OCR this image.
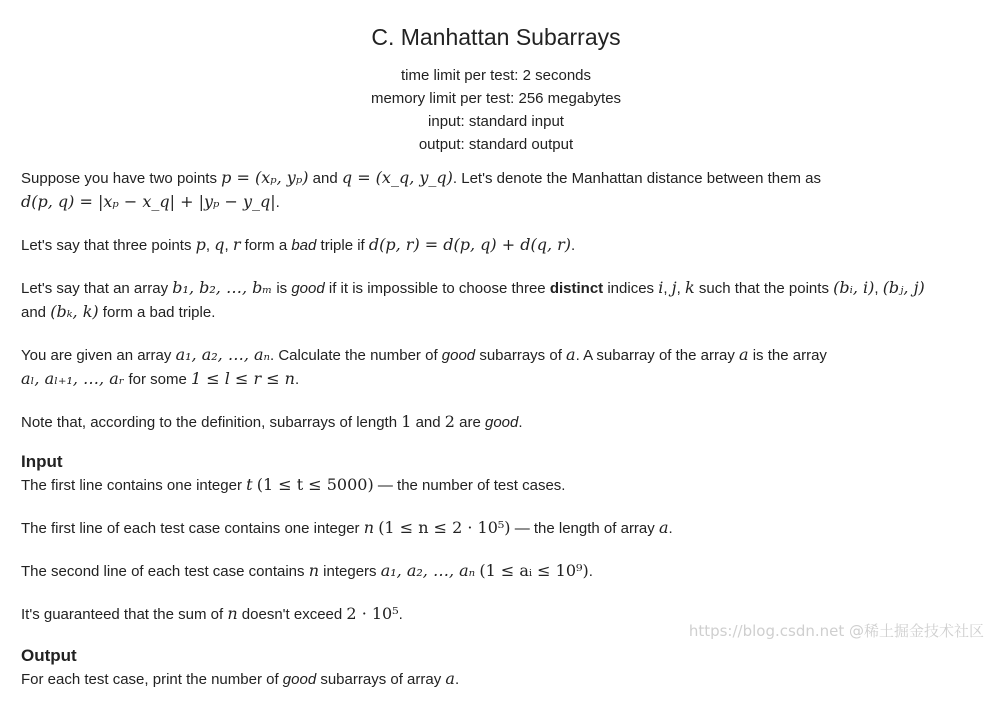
C. Manhattan Subarrays
time limit per test: 2 seconds
memory limit per test: 256 megabytes
input: standard input
output: standard output

Suppose you have two points p = (xₚ, yₚ) and q = (x_q, y_q). Let's denote the Manhattan distance between them as
d(p, q) = |xₚ − x_q| + |yₚ − y_q|.

Let's say that three points p, q, r form a bad triple if d(p, r) = d(p, q) + d(q, r).

Let's say that an array b₁, b₂, …, bₘ is good if it is impossible to choose three distinct indices i, j, k such that the points (bᵢ, i), (bⱼ, j)
and (bₖ, k) form a bad triple.

You are given an array a₁, a₂, …, aₙ. Calculate the number of good subarrays of a. A subarray of the array a is the array
aₗ, aₗ₊₁, …, aᵣ for some 1 ≤ l ≤ r ≤ n.

Note that, according to the definition, subarrays of length 1 and 2 are good.

Input

The first line contains one integer t (1 ≤ t ≤ 5000) — the number of test cases.

The first line of each test case contains one integer n (1 ≤ n ≤ 2 · 10⁵) — the length of array a.

The second line of each test case contains n integers a₁, a₂, …, aₙ (1 ≤ aᵢ ≤ 10⁹).

It's guaranteed that the sum of n doesn't exceed 2 · 10⁵.

Output

For each test case, print the number of good subarrays of array a.

https://blog.csdn.net @稀土掘金技术社区
